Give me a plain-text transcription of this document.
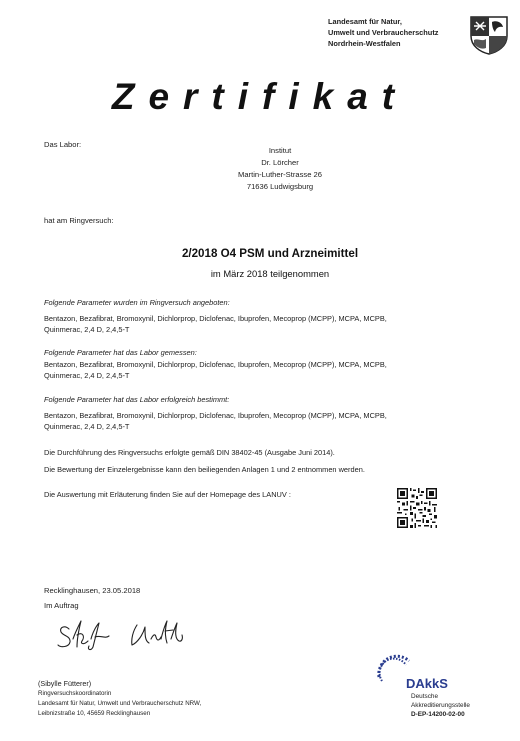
Landesamt für Natur,
Umwelt und Verbraucherschutz
Nordrhein-Westfalen
Zertifikat
Das Labor:
Institut
Dr. Lörcher
Martin-Luther-Strasse 26
71636 Ludwigsburg
hat am Ringversuch:
2/2018 O4 PSM und Arzneimittel
im März 2018 teilgenommen
Folgende Parameter wurden im Ringversuch angeboten:
Bentazon, Bezafibrat, Bromoxynil, Dichlorprop, Diclofenac, Ibuprofen, Mecoprop (MCPP), MCPA, MCPB,
Quinmerac, 2,4 D, 2,4,5-T
Folgende Parameter hat das Labor gemessen:
Bentazon, Bezafibrat, Bromoxynil, Dichlorprop, Diclofenac, Ibuprofen, Mecoprop (MCPP), MCPA, MCPB,
Quinmerac, 2,4 D, 2,4,5-T
Folgende Parameter hat das Labor erfolgreich bestimmt:
Bentazon, Bezafibrat, Bromoxynil, Dichlorprop, Diclofenac, Ibuprofen, Mecoprop (MCPP), MCPA, MCPB,
Quinmerac, 2,4 D, 2,4,5-T
Die Durchführung des Ringversuchs erfolgte gemäß DIN 38402-45 (Ausgabe Juni 2014).
Die Bewertung der Einzelergebnisse kann den beiliegenden Anlagen 1 und 2 entnommen werden.
Die Auswertung mit Erläuterung finden Sie auf der Homepage des LANUV :
Recklinghausen, 23.05.2018
Im Auftrag
(Sibylle Fütterer)
Ringversuchskoordinatorin
Landesamt für Natur, Umwelt und Verbraucherschutz NRW,
Leibnizstraße 10, 45659 Recklinghausen
DAkkS
Deutsche
Akkreditierungsstelle
D-EP-14200-02-00
